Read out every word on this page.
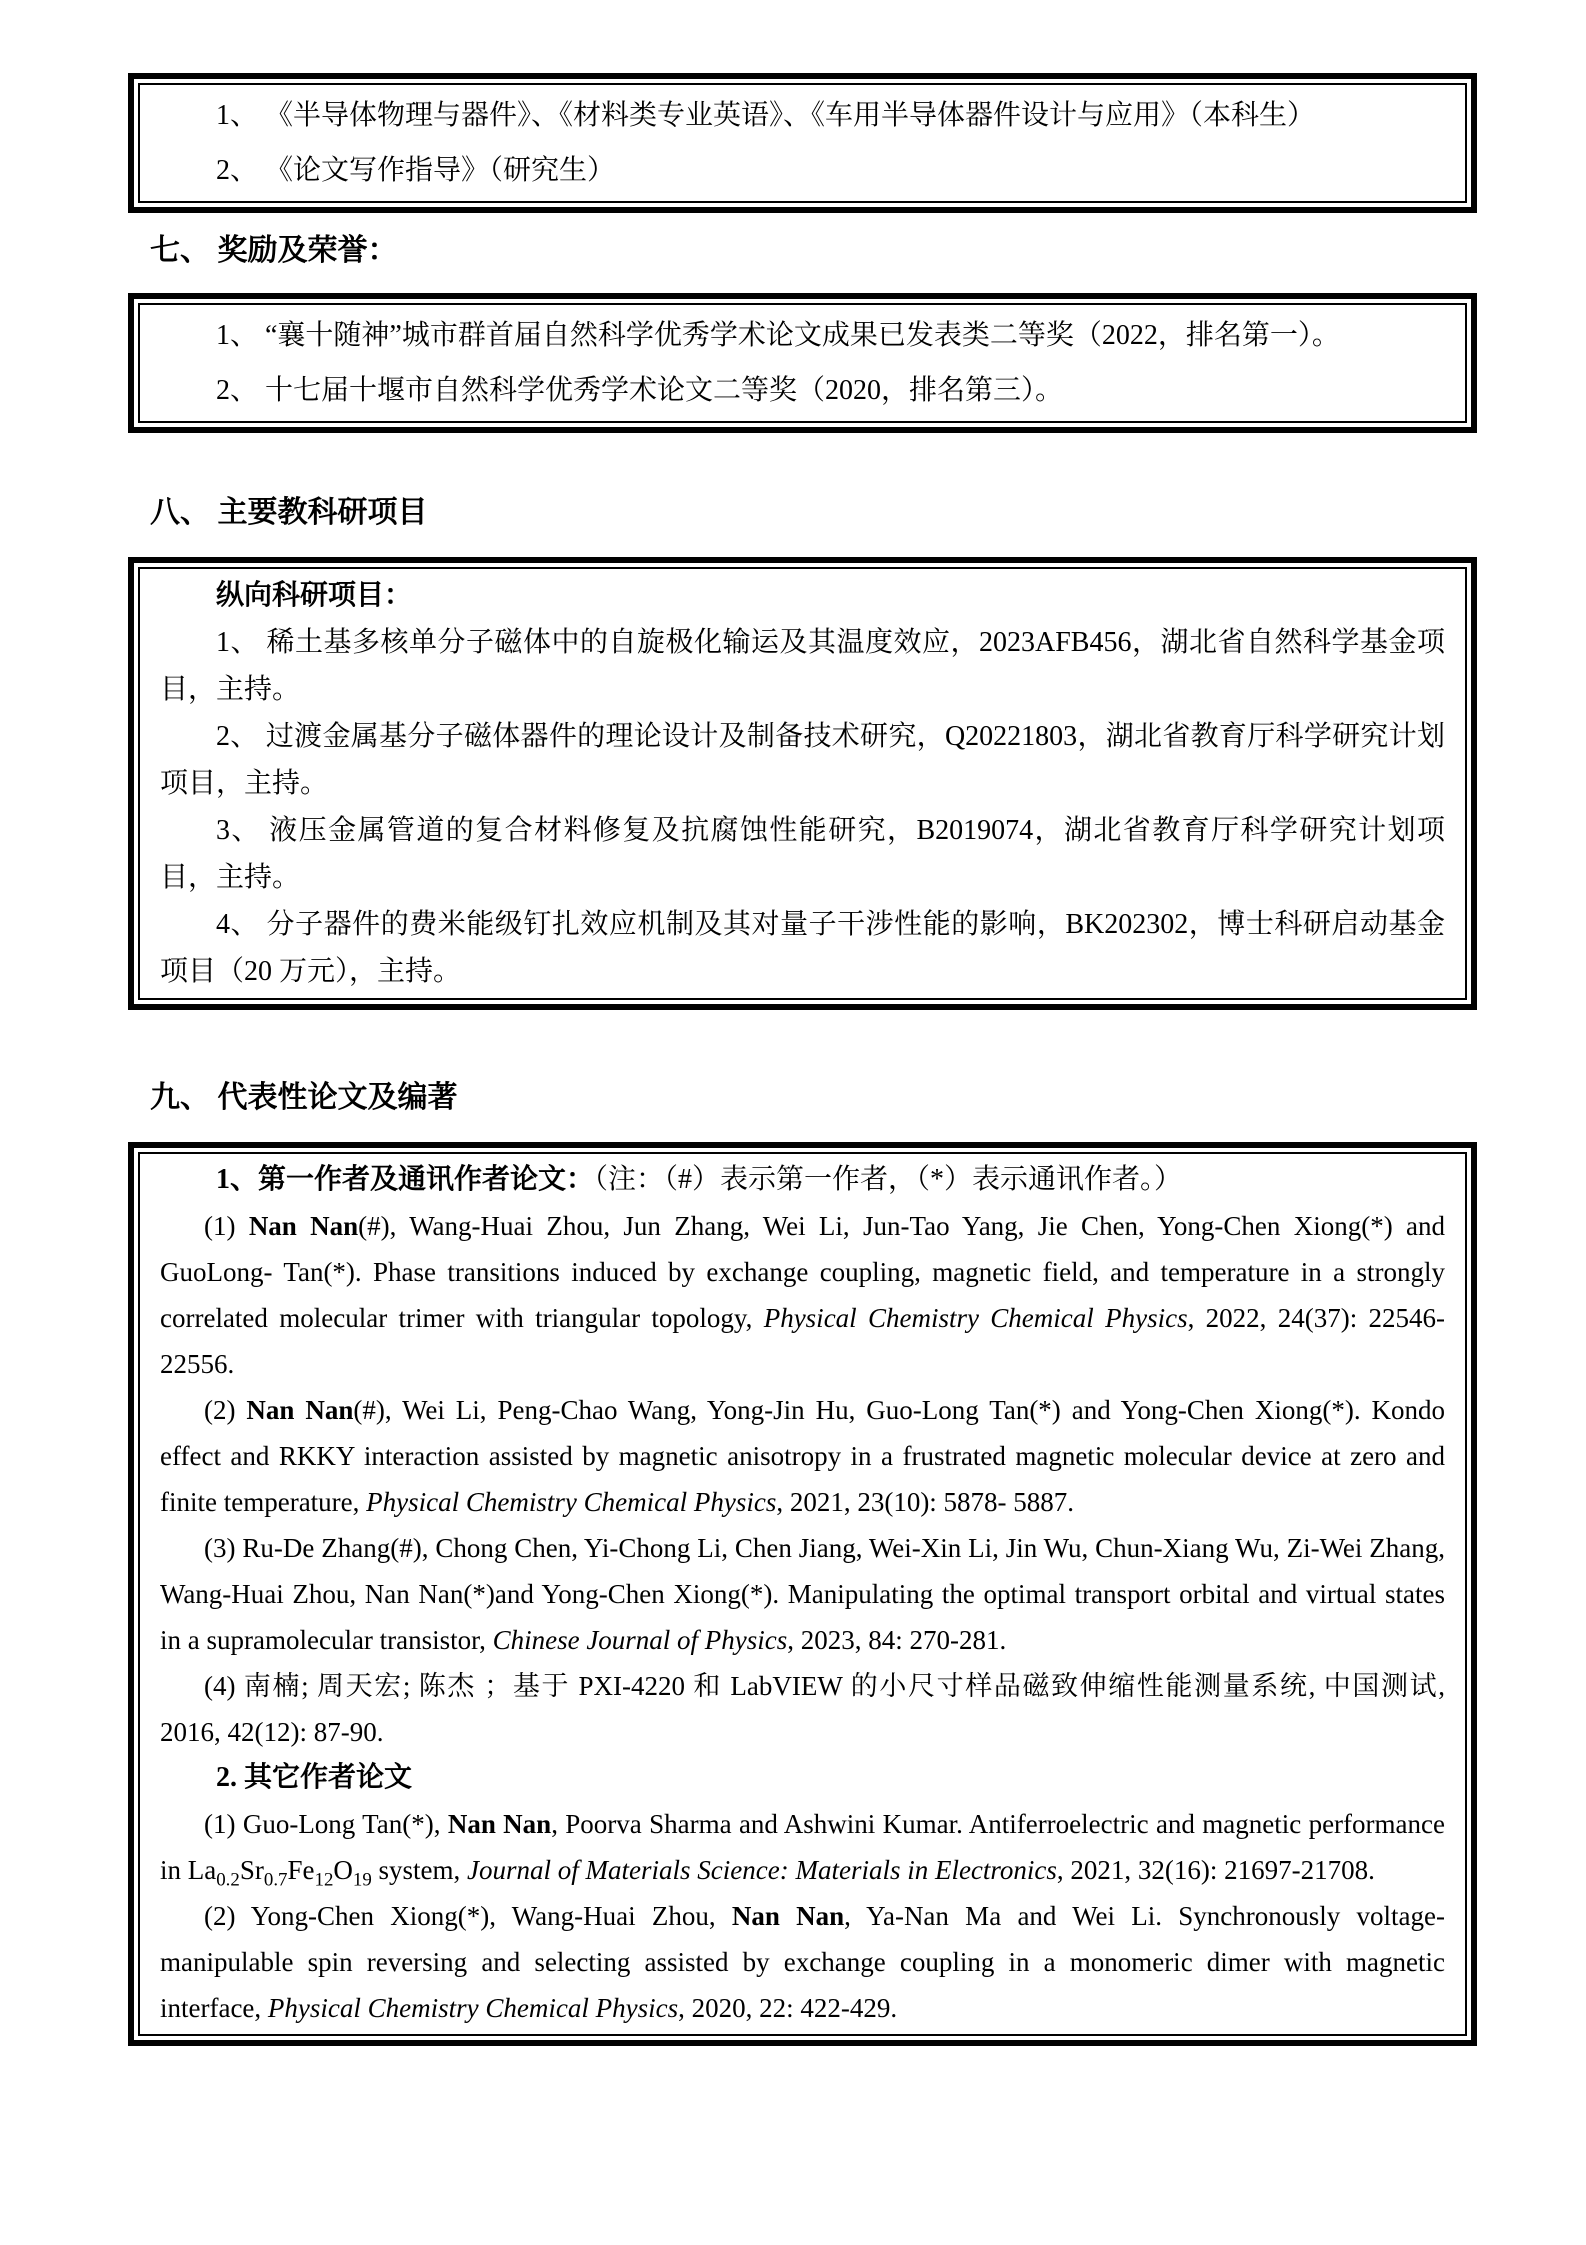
1、 《半导体物理与器件》、《材料类专业英语》、《车用半导体器件设计与应用》（本科生）

2、 《论文写作指导》（研究生）

七、 奖励及荣誉：

1、 “襄十随神”城市群首届自然科学优秀学术论文成果已发表类二等奖（2022，排名第一）。

2、 十七届十堰市自然科学优秀学术论文二等奖（2020，排名第三）。

八、 主要教科研项目

纵向科研项目：

1、 稀土基多核单分子磁体中的自旋极化输运及其温度效应，2023AFB456，湖北省自然科学基金项目，主持。

2、 过渡金属基分子磁体器件的理论设计及制备技术研究，Q20221803，湖北省教育厅科学研究计划项目，主持。

3、 液压金属管道的复合材料修复及抗腐蚀性能研究，B2019074，湖北省教育厅科学研究计划项目，主持。

4、 分子器件的费米能级钉扎效应机制及其对量子干涉性能的影响，BK202302，博士科研启动基金项目（20 万元），主持。

九、 代表性论文及编著

1、第一作者及通讯作者论文：（注：（#）表示第一作者，（*）表示通讯作者。）

(1) Nan Nan(#), Wang-Huai Zhou, Jun Zhang, Wei Li, Jun-Tao Yang, Jie Chen, Yong-Chen Xiong(*) and GuoLong- Tan(*). Phase transitions induced by exchange coupling, magnetic field, and temperature in a strongly correlated molecular trimer with triangular topology, Physical Chemistry Chemical Physics, 2022, 24(37): 22546-22556.

(2) Nan Nan(#), Wei Li, Peng-Chao Wang, Yong-Jin Hu, Guo-Long Tan(*) and Yong-Chen Xiong(*). Kondo effect and RKKY interaction assisted by magnetic anisotropy in a frustrated magnetic molecular device at zero and finite temperature, Physical Chemistry Chemical Physics, 2021, 23(10): 5878- 5887.

(3) Ru-De Zhang(#), Chong Chen, Yi-Chong Li, Chen Jiang, Wei-Xin Li, Jin Wu, Chun-Xiang Wu, Zi-Wei Zhang, Wang-Huai Zhou, Nan Nan(*)and Yong-Chen Xiong(*). Manipulating the optimal transport orbital and virtual states in a supramolecular transistor, Chinese Journal of Physics, 2023, 84: 270-281.

(4) 南楠; 周天宏; 陈杰 ；基于 PXI-4220 和 LabVIEW 的小尺寸样品磁致伸缩性能测量系统, 中国测试, 2016, 42(12): 87-90.

2. 其它作者论文

(1) Guo-Long Tan(*), Nan Nan, Poorva Sharma and Ashwini Kumar. Antiferroelectric and magnetic performance in $La_{0.2}Sr_{0.7}Fe_{12}O_{19}$ system, Journal of Materials Science: Materials in Electronics, 2021, 32(16): 21697-21708.

(2) Yong-Chen Xiong(*), Wang-Huai Zhou, Nan Nan, Ya-Nan Ma and Wei Li. Synchronously voltage-manipulable spin reversing and selecting assisted by exchange coupling in a monomeric dimer with magnetic interface, Physical Chemistry Chemical Physics, 2020, 22: 422-429.
